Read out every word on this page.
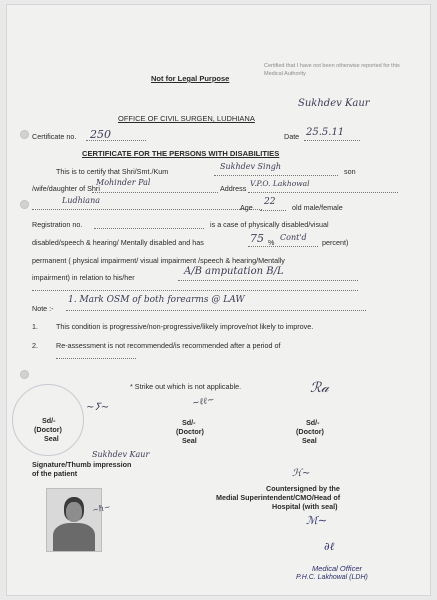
Not for Legal Purpose
Certified that I have not been otherwise reported for this Medical Authority
Sukhdev Kaur
OFFICE OF CIVIL SURGEN, LUDHIANA
Certificate no. 250	Date 25.5.11
CERTIFICATE FOR THE PERSONS WITH DISABILITIES
This is to certify that Shri/Smt./Kum
Sukhdev Singh
son
/wife/daughter of Shri
Mohinder Pal
Address
V.P.O. Lakhowal
Ludhiana
Age
22
old male/female
Registration no.	is a case of physically disabled/visual
disabled/speech & hearing/ Mentally disabled and has	75 %
Cont'd
percent)
permanent ( physical impairment/ visual impairment /speech & hearing/Mentally
impairment) in relation to his/her
A/B amputation B/L
Note :-
1. Mark OSM of both forearms @ LAW
1.	This condition is progressive/non-progressive/likely improve/not likely to improve.
2.	Re-assessment is not recommended/is recommended after a period of
* Strike out which is not applicable.
∼ⵢ∼
Sd/-
(Doctor)
Seal
∼ℓℓ∼
Sd/-
(Doctor)
Seal
ℛ𝒶
Sd/-
(Doctor)
Seal
Sukhdev Kaur
Signature/Thumb impression
of the patient	ℋ∼
Countersigned by the
Medial Superintendent/CMO/Head of
Hospital (with seal)
∼ℏ∼
ℳ∼
∂ℓ
Medical Officer
P.H.C. Lakhowal (LDH)
